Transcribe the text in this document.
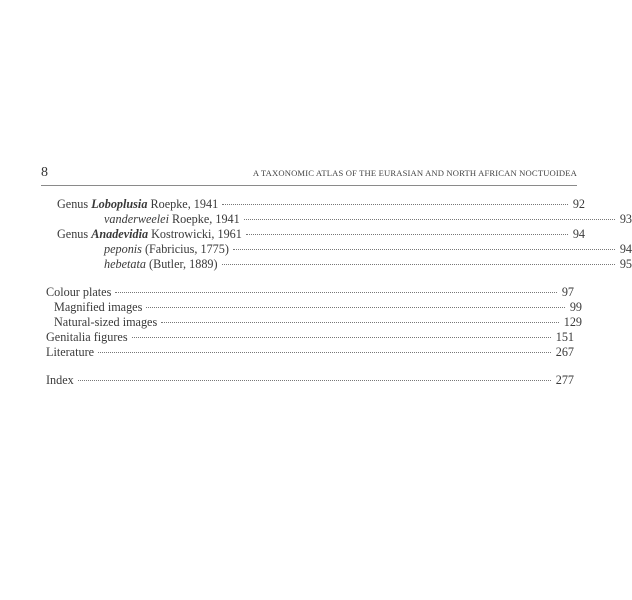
8	A TAXONOMIC ATLAS OF THE EURASIAN AND NORTH AFRICAN NOCTUOIDEA
Genus Loboplusia Roepke, 1941	92
vanderweelei Roepke, 1941	93
Genus Anadevidia Kostrowicki, 1961	94
peponis (Fabricius, 1775)	94
hebetata (Butler, 1889)	95
Colour plates	97
Magnified images	99
Natural-sized images	129
Genitalia figures	151
Literature	267
Index	277
